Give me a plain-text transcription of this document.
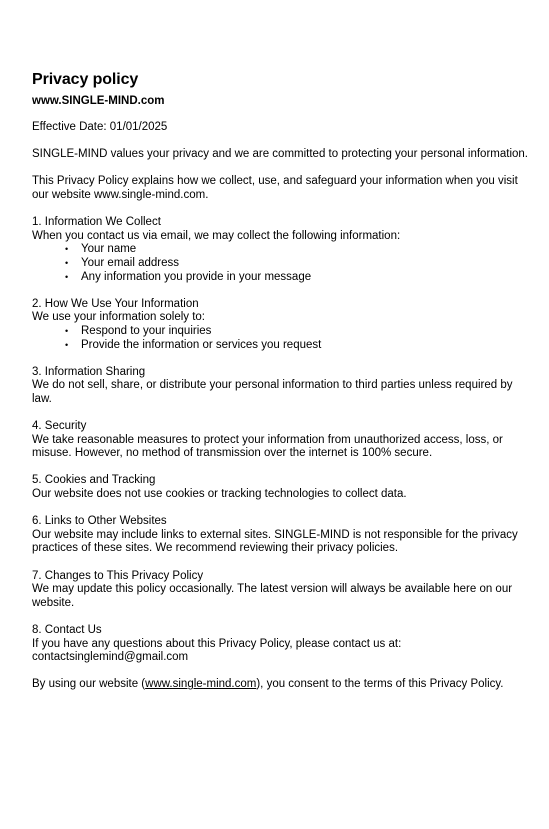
Privacy policy
www.SINGLE-MIND.com
Effective Date: 01/01/2025
SINGLE-MIND values your privacy and we are committed to protecting your personal information.
This Privacy Policy explains how we collect, use, and safeguard your information when you visit our website www.single-mind.com.
1. Information We Collect
When you contact us via email, we may collect the following information:
• Your name
• Your email address
• Any information you provide in your message
2. How We Use Your Information
We use your information solely to:
• Respond to your inquiries
• Provide the information or services you request
3. Information Sharing
We do not sell, share, or distribute your personal information to third parties unless required by law.
4. Security
We take reasonable measures to protect your information from unauthorized access, loss, or misuse. However, no method of transmission over the internet is 100% secure.
5. Cookies and Tracking
Our website does not use cookies or tracking technologies to collect data.
6. Links to Other Websites
Our website may include links to external sites. SINGLE-MIND is not responsible for the privacy practices of these sites. We recommend reviewing their privacy policies.
7. Changes to This Privacy Policy
We may update this policy occasionally. The latest version will always be available here on our website.
8. Contact Us
If you have any questions about this Privacy Policy, please contact us at:
contactsinglemind@gmail.com
By using our website (www.single-mind.com), you consent to the terms of this Privacy Policy.
